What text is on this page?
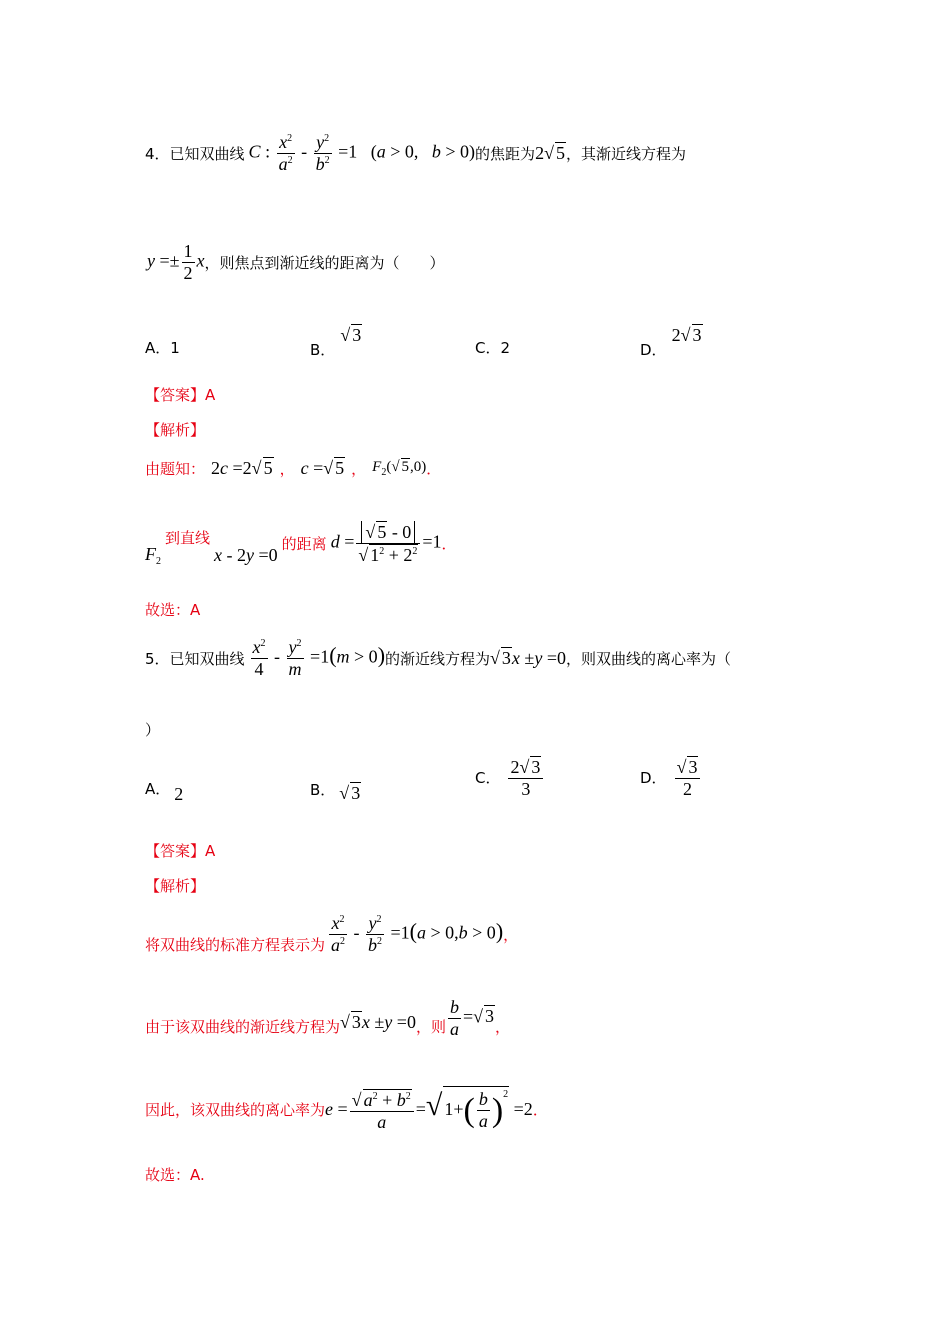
4．已知双曲线 C : $\frac{x^2}{a^2} - \frac{y^2}{b^2} =1$   (a > 0,   b > 0) 的焦距为 2√ 5 ，其渐近线方程为
$y =\pm \frac{1}{2}$ x ，则焦点到渐近线的距离为（　　）
A．1	B． √ 3
C．2	D． 2√ 3
【答案】A
【解析】
由题知： 2c =2√ 5 ， c =√ 5 ， $F_2(√$ 5,0) ．
$F_2$
到直线
x - 2y =0
的距离 $d = \frac{√ 5 - 0}{√ 1^2 + 2^2} =1$ ．
故选：A
5．已知双曲线 $\frac{x^2}{4} - \frac{y^2}{m} =1(m > 0)$ 的渐近线方程为 √ 3x ±y =0 ，则双曲线的离心率为（
）
A． 2	B． √ 3
C． $\frac{2√ 3}{3}$	D． $\frac{√ 3}{2}$
【答案】A
【解析】
将双曲线的标准方程表示为 $\frac{x^2}{a^2} - \frac{y^2}{b^2} =1(a > 0,b > 0)$ ，
由于该双曲线的渐近线方程为 √ 3x ±y =0 ，则 $\frac{b}{a}$ =√ 3
，
因此，该双曲线的离心率为 $e = \frac{√ a^2 + b^2}{a}$ =√ $1+( \frac{b}{a} )^2 =2$ ．
故选：A.
